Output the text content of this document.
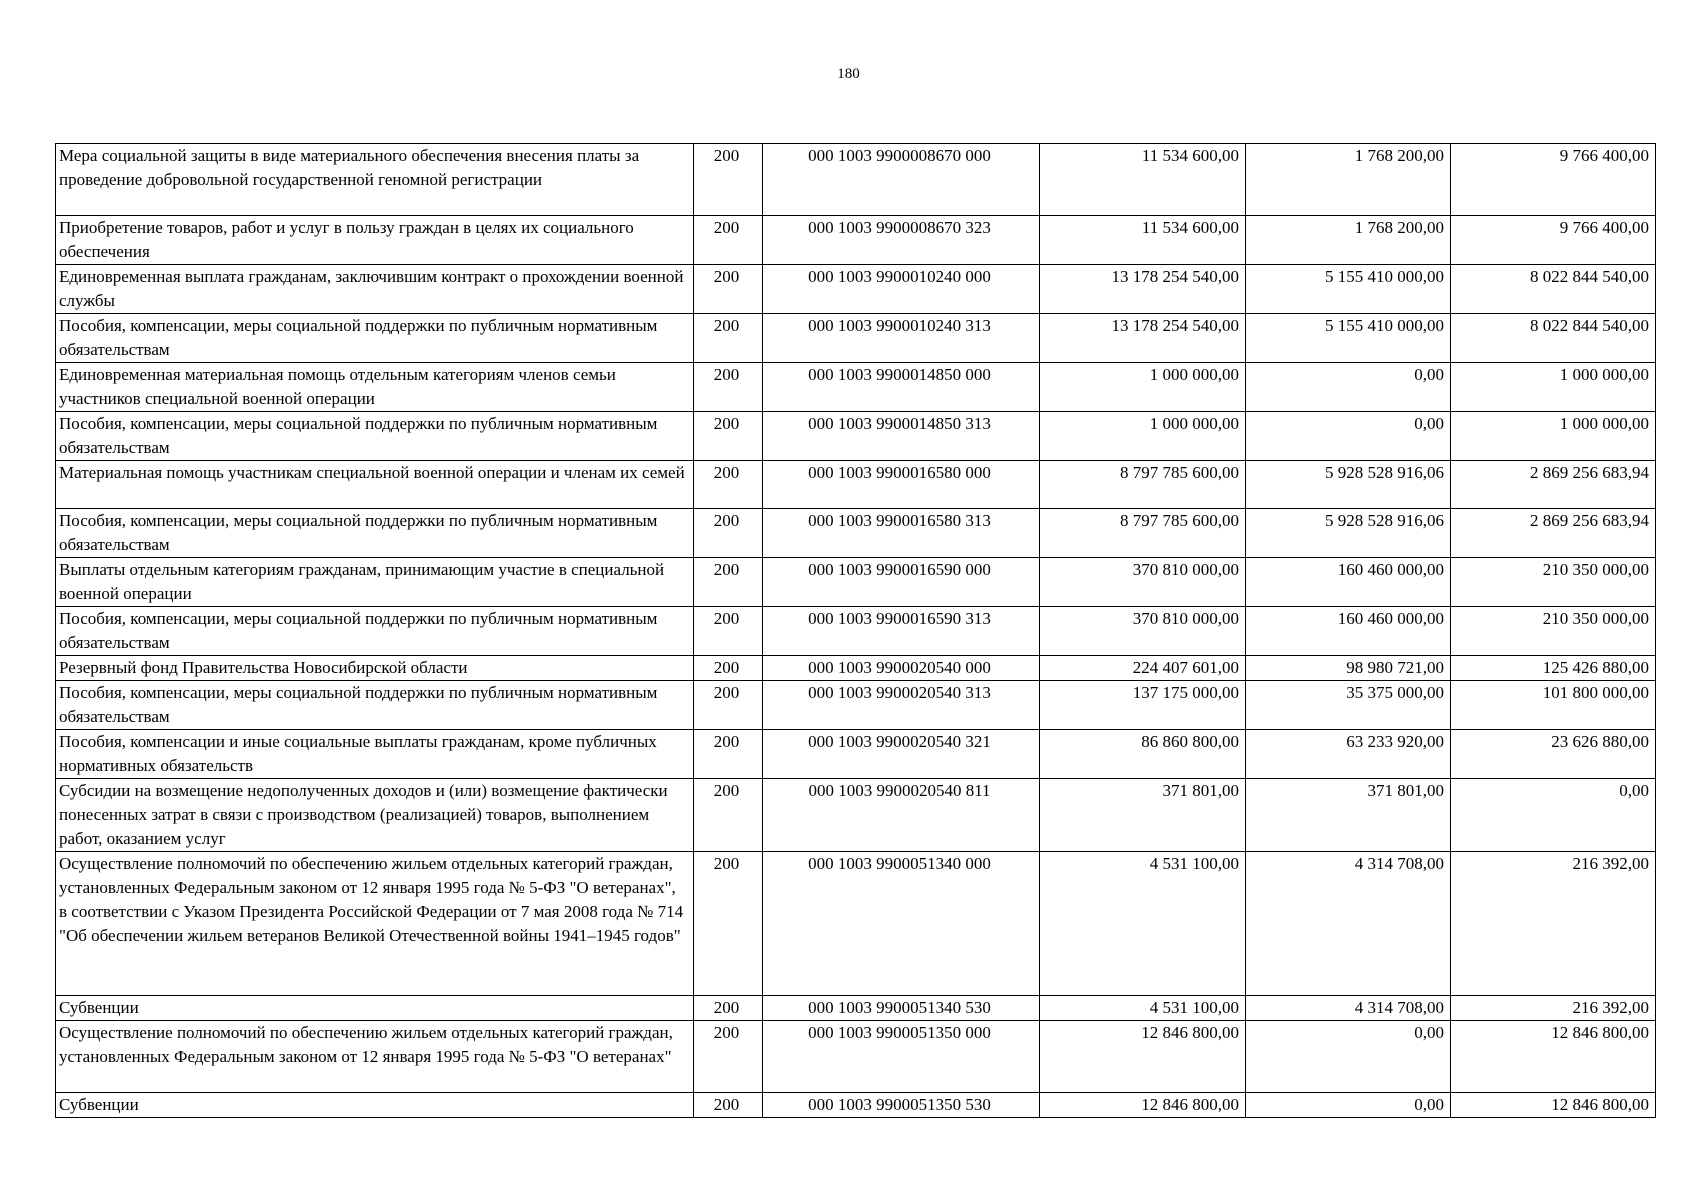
180
Мера социальной защиты в виде материального обеспечения внесения платы за проведение добровольной государственной геномной регистрации	200	000 1003 9900008670 000	11 534 600,00	1 768 200,00	9 766 400,00
Приобретение товаров, работ и услуг в пользу граждан в целях их социального обеспечения	200	000 1003 9900008670 323	11 534 600,00	1 768 200,00	9 766 400,00
Единовременная выплата гражданам, заключившим контракт о прохождении военной службы	200	000 1003 9900010240 000	13 178 254 540,00	5 155 410 000,00	8 022 844 540,00
Пособия, компенсации, меры социальной поддержки по публичным нормативным обязательствам	200	000 1003 9900010240 313	13 178 254 540,00	5 155 410 000,00	8 022 844 540,00
Единовременная материальная помощь отдельным категориям членов семьи участников специальной военной операции	200	000 1003 9900014850 000	1 000 000,00	0,00	1 000 000,00
Пособия, компенсации, меры социальной поддержки по публичным нормативным обязательствам	200	000 1003 9900014850 313	1 000 000,00	0,00	1 000 000,00
Материальная помощь участникам специальной военной операции и членам их семей	200	000 1003 9900016580 000	8 797 785 600,00	5 928 528 916,06	2 869 256 683,94
Пособия, компенсации, меры социальной поддержки по публичным нормативным обязательствам	200	000 1003 9900016580 313	8 797 785 600,00	5 928 528 916,06	2 869 256 683,94
Выплаты отдельным категориям гражданам, принимающим участие в специальной военной операции	200	000 1003 9900016590 000	370 810 000,00	160 460 000,00	210 350 000,00
Пособия, компенсации, меры социальной поддержки по публичным нормативным обязательствам	200	000 1003 9900016590 313	370 810 000,00	160 460 000,00	210 350 000,00
Резервный фонд Правительства Новосибирской области	200	000 1003 9900020540 000	224 407 601,00	98 980 721,00	125 426 880,00
Пособия, компенсации, меры социальной поддержки по публичным нормативным обязательствам	200	000 1003 9900020540 313	137 175 000,00	35 375 000,00	101 800 000,00
Пособия, компенсации и иные социальные выплаты гражданам, кроме публичных нормативных обязательств	200	000 1003 9900020540 321	86 860 800,00	63 233 920,00	23 626 880,00
Субсидии на возмещение недополученных доходов и (или) возмещение фактически понесенных затрат в связи с производством (реализацией) товаров, выполнением работ, оказанием услуг	200	000 1003 9900020540 811	371 801,00	371 801,00	0,00
Осуществление полномочий по обеспечению жильем отдельных категорий граждан, установленных Федеральным законом от 12 января 1995 года № 5-ФЗ "О ветеранах", в соответствии с Указом Президента Российской Федерации от 7 мая 2008 года № 714 "Об обеспечении жильем ветеранов Великой Отечественной войны 1941–1945 годов"	200	000 1003 9900051340 000	4 531 100,00	4 314 708,00	216 392,00
Субвенции	200	000 1003 9900051340 530	4 531 100,00	4 314 708,00	216 392,00
Осуществление полномочий по обеспечению жильем отдельных категорий граждан, установленных Федеральным законом от 12 января 1995 года № 5-ФЗ "О ветеранах"	200	000 1003 9900051350 000	12 846 800,00	0,00	12 846 800,00
Субвенции	200	000 1003 9900051350 530	12 846 800,00	0,00	12 846 800,00
